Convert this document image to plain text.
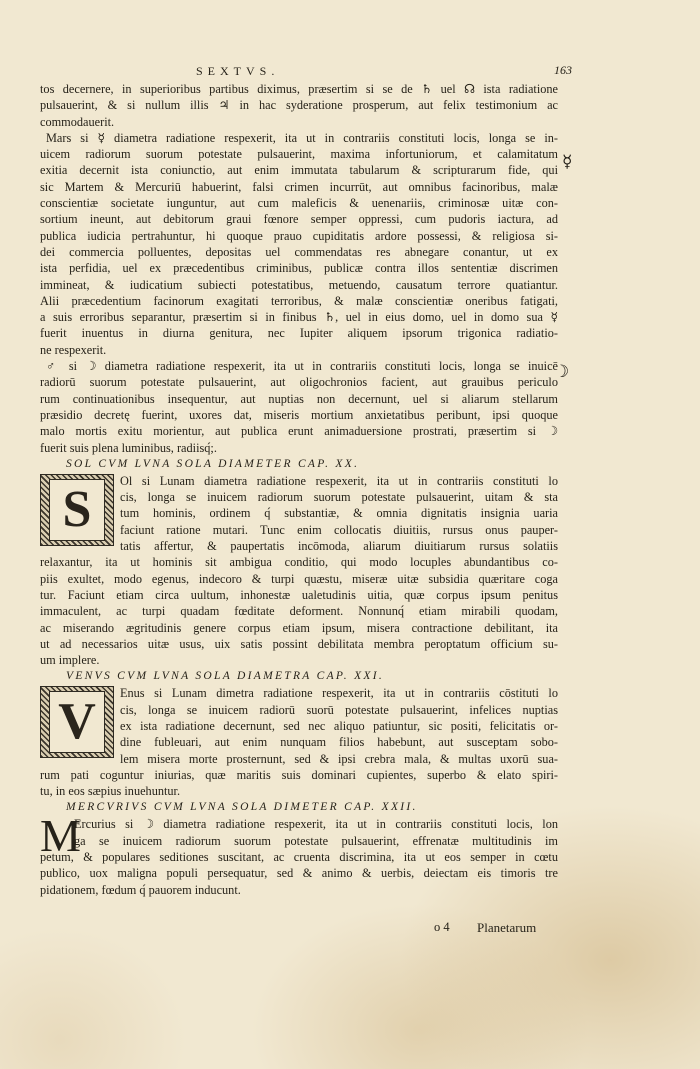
SEXTVS.	163
☿
☽
tos decernere, in superioribus partibus diximus, præsertim si se de ♄ uel ☊ ista radiatione
pulsauerint, & si nullum illis ♃ in hac syderatione prosperum, aut felix testimonium ac
commodauerit.
Mars si ☿ diametra radiatione respexerit, ita ut in contrariis constituti locis, longa se in-
uicem radiorum suorum potestate pulsauerint, maxima infortuniorum, et calamitatum
exitia decernit ista coniunctio, aut enim immutata tabularum & scripturarum fide, qui
sic Martem & Mercuriū habuerint, falsi crimen incurrūt, aut omnibus facinoribus, malæ
conscientiæ societate iunguntur, aut cum maleficis & uenenariis, criminosæ uitæ con-
sortium ineunt, aut debitorum graui fœnore semper oppressi, cum pudoris iactura, ad
publica iudicia pertrahuntur, hi quoque prauo cupiditatis ardore possessi, & religiosa si-
dei commercia polluentes, depositas uel commendatas res abnegare conantur, ut ex
ista perfidia, uel ex præcedentibus criminibus, publicæ contra illos sententiæ discrimen
immineat, & iudicatium subiecti potestatibus, metuendo, causatum terrore quatiantur.
Alii præcedentium facinorum exagitati terroribus, & malæ conscientiæ oneribus fatigati,
a suis erroribus separantur, præsertim si in finibus ♄, uel in eius domo, uel in domo sua ☿
fuerit inuentus in diurna genitura, nec Iupiter aliquem ipsorum trigonica radiatio-
ne respexerit.
♂ si ☽ diametra radiatione respexerit, ita ut in contrariis constituti locis, longa se inuicē
radiorū suorum potestate pulsauerint, aut oligochronios facient, aut grauibus periculo
rum continuationibus insequentur, aut nuptias non decernunt, uel si aliarum stellarum
præsidio decretę fuerint, uxores dat, miseris mortium anxietatibus peribunt, ipsi quoque
malo mortis exitu morientur, aut publica erunt animaduersione prostrati, præsertim si ☽
fuerit suis plena luminibus, radiisq́;.
SOL CVM LVNA SOLA DIAMETER CAP. XX.
S	Ol si Lunam diametra radiatione respexerit, ita ut in contrariis constituti lo
cis, longa se inuicem radiorum suorum potestate pulsauerint, uitam & sta
tum hominis, ordinem q́ substantiæ, & omnia dignitatis insignia uaria
faciunt ratione mutari. Tunc enim collocatis diuitiis, rursus onus pauper-
tatis affertur, & paupertatis incōmoda, aliarum diuitiarum rursus solatiis
relaxantur, ita ut hominis sit ambigua conditio, qui modo locuples abundantibus co-
piis exultet, modo egenus, indecoro & turpi quæstu, miseræ uitæ subsidia quæritare coga
tur. Faciunt etiam circa uultum, inhonestæ ualetudinis uitia, quæ corpus ipsum penitus
immaculent, ac turpi quadam fœditate deforment. Nonnunq́ etiam mirabili quodam,
ac miserando ægritudinis genere corpus etiam ipsum, misera contractione debilitant, ita
ut ad necessarios uitæ usus, uix satis possint debilitata membra peroptatum officium su-
um implere.
VENVS CVM LVNA SOLA DIAMETRA CAP. XXI.
V	Enus si Lunam dimetra radiatione respexerit, ita ut in contrariis cōstituti lo
cis, longa se inuicem radiorū suorū potestate pulsauerint, infelices nuptias
ex ista radiatione decernunt, sed nec aliquo patiuntur, sic positi, felicitatis or-
dine fubleuari, aut enim nunquam filios habebunt, aut susceptam sobo-
lem misera morte prosternunt, sed & ipsi crebra mala, & multas uxorū sua-
rum pati coguntur iniurias, quæ maritis suis dominari cupientes, superbo & elato spiri-
tu, in eos sæpius inuehuntur.
MERCVRIVS CVM LVNA SOLA DIMETER CAP. XXII.
M
Ercurius si ☽ diametra radiatione respexerit, ita ut in contrariis constituti locis, lon
ga se inuicem radiorum suorum potestate pulsauerint, effrenatæ multitudinis im
petum, & populares seditiones suscitant, ac cruenta discrimina, ita ut eos semper in cœtu
publico, uox maligna populi persequatur, sed & animo & uerbis, deiectam eis timoris tre
pidationem, fœdum q́ pauorem inducunt.
o 4 Planetarum
